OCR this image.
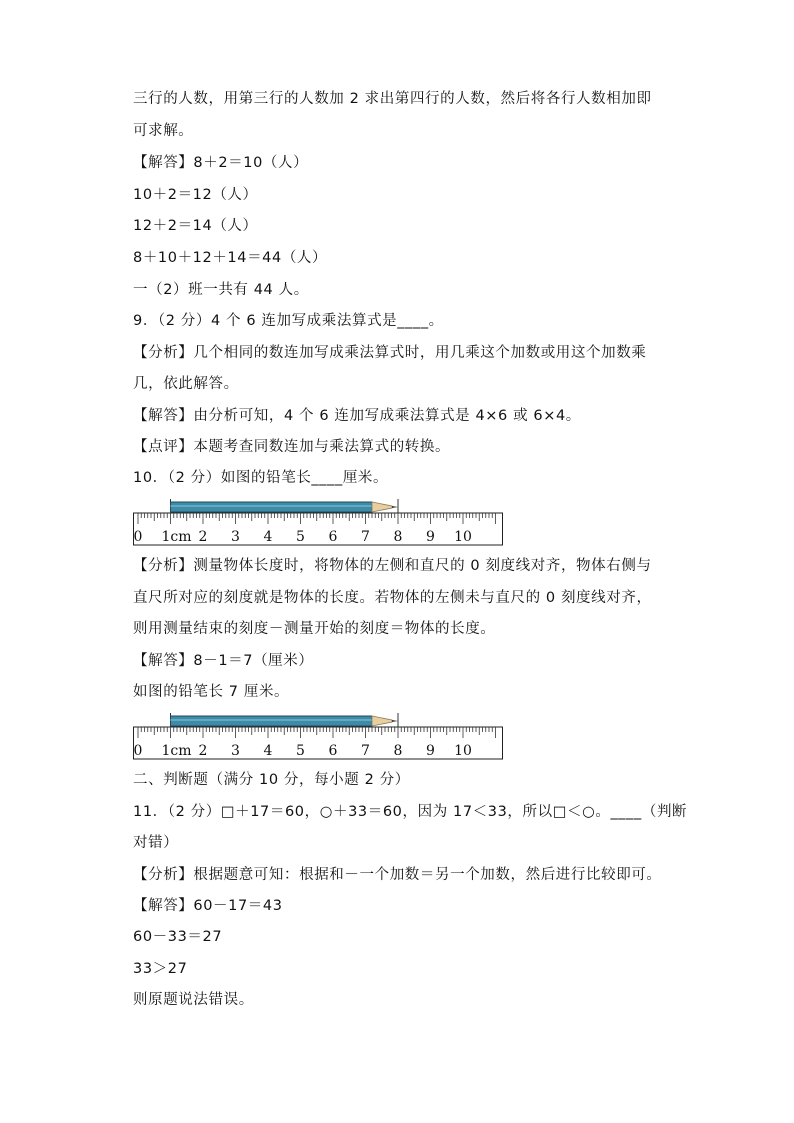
三行的人数，用第三行的人数加 2 求出第四行的人数，然后将各行人数相加即
可求解。
【解答】8＋2＝10（人）
10＋2＝12（人）
12＋2＝14（人）
8＋10＋12＋14＝44（人）
一（2）班一共有 44 人。
9．（2 分）4 个 6 连加写成乘法算式是____。
【分析】几个相同的数连加写成乘法算式时，用几乘这个加数或用这个加数乘
几，依此解答。
【解答】由分析可知，4 个 6 连加写成乘法算式是 4×6 或 6×4。
【点评】本题考查同数连加与乘法算式的转换。
10．（2 分）如图的铅笔长____厘米。
0 1cm 2 3 4 5 6 7 8 9 10
【分析】测量物体长度时，将物体的左侧和直尺的 0 刻度线对齐，物体右侧与
直尺所对应的刻度就是物体的长度。若物体的左侧未与直尺的 0 刻度线对齐，
则用测量结束的刻度－测量开始的刻度＝物体的长度。
【解答】8－1＝7（厘米）
如图的铅笔长 7 厘米。
0 1cm 2 3 4 5 6 7 8 9 10
二、判断题（满分 10 分，每小题 2 分）
11．（2 分）□＋17＝60，○＋33＝60，因为 17＜33，所以□＜○。____（判断
对错）
【分析】根据题意可知：根据和－一个加数＝另一个加数，然后进行比较即可。
【解答】60－17＝43
60－33＝27
33＞27
则原题说法错误。
